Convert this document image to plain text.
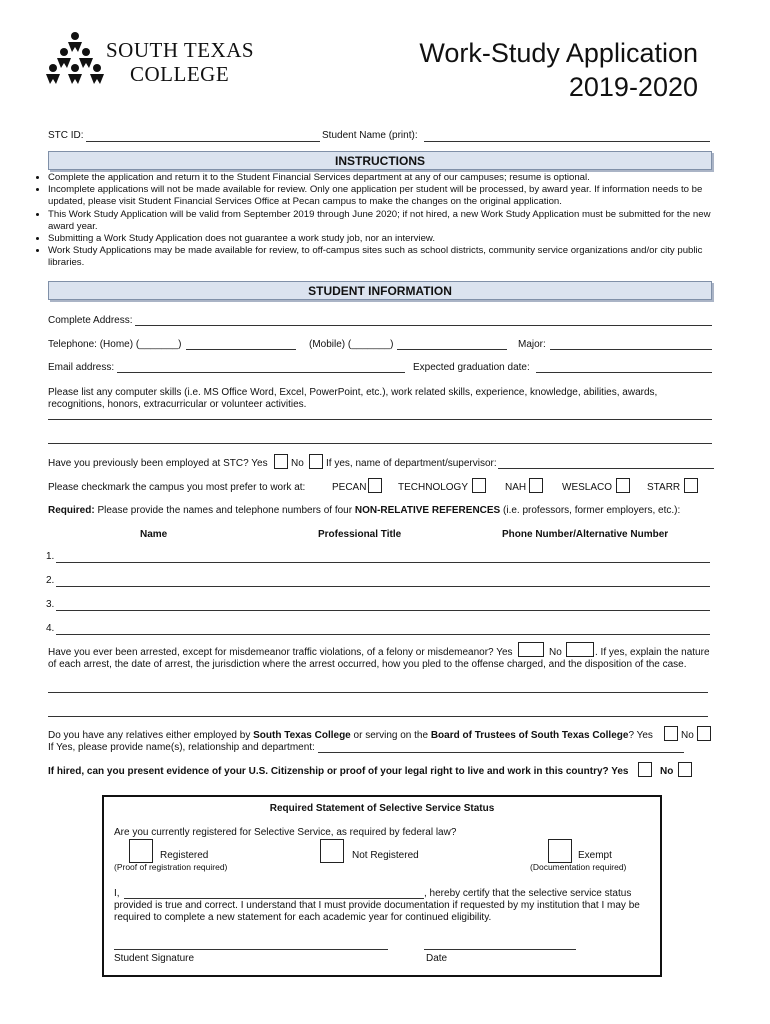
SOUTH TEXAS
COLLEGE
Work-Study Application
2019-2020
STC ID:	Student Name (print):
INSTRUCTIONS
• Complete the application and return it to the Student Financial Services department at any of our campuses; resume is optional.
• Incomplete applications will not be made available for review. Only one application per student will be processed, by award year. If information needs to be updated, please visit Student Financial Services Office at Pecan campus to make the changes on the original application.
• This Work Study Application will be valid from September 2019 through June 2020; if not hired, a new Work Study Application must be submitted for the new award year.
• Submitting a Work Study Application does not guarantee a work study job, nor an interview.
• Work Study Applications may be made available for review, to off-campus sites such as school districts, community service organizations and/or city public libraries.
STUDENT INFORMATION
Complete Address:
Telephone: (Home) (_______)	(Mobile) (_______)	Major:
Email address:	Expected graduation date:
Please list any computer skills (i.e. MS Office Word, Excel, PowerPoint, etc.), work related skills, experience, knowledge, abilities, awards, recognitions, honors, extracurricular or volunteer activities.
Have you previously been employed at STC? Yes No If yes, name of department/supervisor:
Please checkmark the campus you most prefer to work at:	PECAN	TECHNOLOGY	NAH	WESLACO	STARR
Required: Please provide the names and telephone numbers of four NON-RELATIVE REFERENCES (i.e. professors, former employers, etc.):
Name	Professional Title	Phone Number/Alternative Number
1.
2.
3.
4.
Have you ever been arrested, except for misdemeanor traffic violations, of a felony or misdemeanor? Yes	No	. If yes, explain the nature
of each arrest, the date of arrest, the jurisdiction where the arrest occurred, how you pled to the offense charged, and the disposition of the case.
Do you have any relatives either employed by South Texas College or serving on the Board of Trustees of South Texas College? Yes	No
If Yes, please provide name(s), relationship and department:
If hired, can you present evidence of your U.S. Citizenship or proof of your legal right to live and work in this country? Yes	No
Required Statement of Selective Service Status
Are you currently registered for Selective Service, as required by federal law?
Registered
(Proof of registration required)
Not Registered	Exempt
(Documentation required)
I,	, hereby certify that the selective service status
provided is true and correct. I understand that I must provide documentation if requested by my institution that I may be
required to complete a new statement for each academic year for continued eligibility.
Student Signature	Date
